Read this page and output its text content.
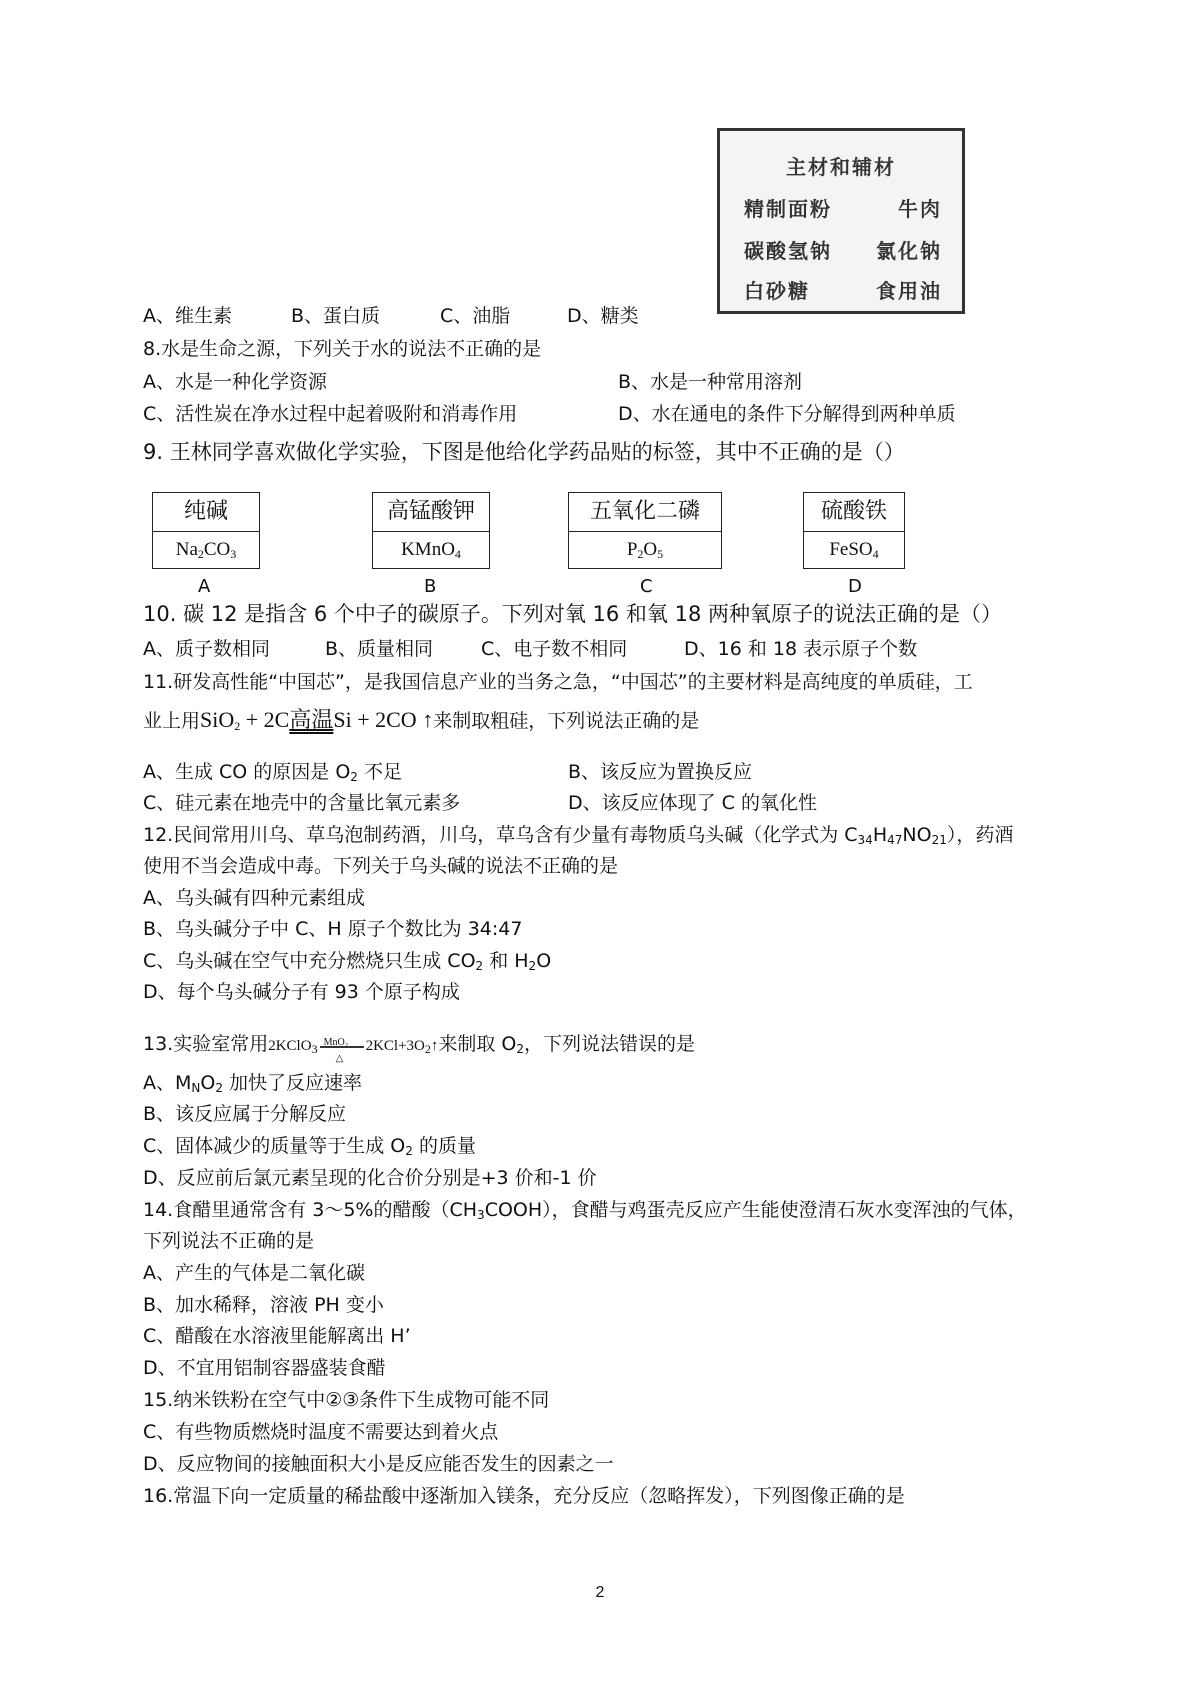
主材和辅材
精制面粉	牛肉
碳酸氢钠 氯化钠
白砂糖	食用油
A、维生素	B、蛋白质	C、油脂	D、糖类
8.水是生命之源，下列关于水的说法不正确的是
A、水是一种化学资源	B、水是一种常用溶剂
C、活性炭在净水过程中起着吸附和消毒作用	D、水在通电的条件下分解得到两种单质
9. 王林同学喜欢做化学实验，下图是他给化学药品贴的标签，其中不正确的是（）
纯碱
$Na_2CO_3$
高锰酸钾
KMnO$_4$
五氧化二磷
$P_2O_5$
硫酸铁
FeSO$_4$
A	B	C	D
10. 碳 12 是指含 6 个中子的碳原子。下列对氧 16 和氧 18 两种氧原子的说法正确的是（）
A、质子数相同	B、质量相同	C、电子数不相同	D、16 和 18 表示原子个数
11.研发高性能“中国芯”，是我国信息产业的当务之急，“中国芯”的主要材料是高纯度的单质硅，工
业上用SiO$_2$ + 2C高温Si + 2CO ↑来制取粗硅，下列说法正确的是
A、生成 CO 的原因是 $O_2$ 不足	B、该反应为置换反应
C、硅元素在地壳中的含量比氧元素多	D、该反应体现了 C 的氧化性
12.民间常用川乌、草乌泡制药酒，川乌，草乌含有少量有毒物质乌头碱（化学式为 $C_{34}H_{47}NO_{21}$），药酒
使用不当会造成中毒。下列关于乌头碱的说法不正确的是
A、乌头碱有四种元素组成
B、乌头碱分子中 C、H 原子个数比为 34:47
C、乌头碱在空气中充分燃烧只生成 $CO_2$ 和 $H_2O$
D、每个乌头碱分子有 93 个原子构成
13.实验室常用2KClO$_3$ MnO₂
△
$2KCl+3O_2↑$来制取 $O_2$，下列说法错误的是
A、$M_NO_2$ 加快了反应速率
B、该反应属于分解反应
C、固体减少的质量等于生成 $O_2$ 的质量
D、反应前后氯元素呈现的化合价分别是+3 价和-1 价
14.食醋里通常含有 3～5%的醋酸$(CH_3COOH)$，食醋与鸡蛋壳反应产生能使澄清石灰水变浑浊的气体，
下列说法不正确的是
A、产生的气体是二氧化碳
B、加水稀释，溶液 PH 变小
C、醋酸在水溶液里能解离出 H’
D、不宜用铝制容器盛装食醋
15.纳米铁粉在空气中②③条件下生成物可能不同
C、有些物质燃烧时温度不需要达到着火点
D、反应物间的接触面积大小是反应能否发生的因素之一
16.常温下向一定质量的稀盐酸中逐渐加入镁条，充分反应（忽略挥发），下列图像正确的是
2
